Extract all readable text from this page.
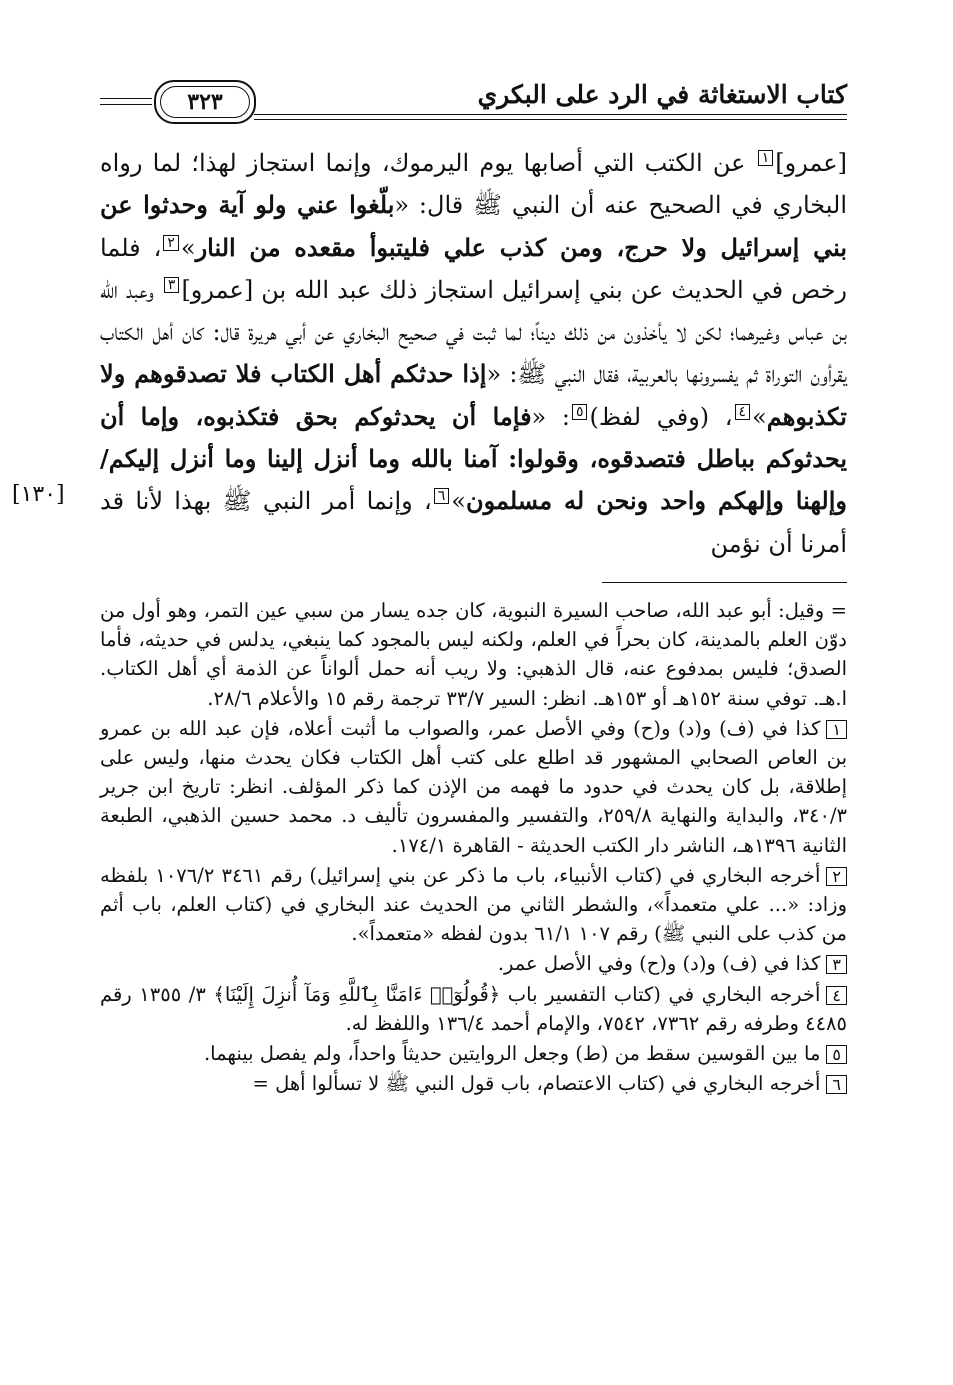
كتاب الاستغاثة في الرد على البكري
٣٢٣

[عمرو]١ عن الكتب التي أصابها يوم اليرموك، وإنما استجاز لهذا؛ لما رواه البخاري في الصحيح عنه أن النبي ﷺ قال: «بلّغوا عني ولو آية وحدثوا عن بني إسرائيل ولا حرج، ومن كذب علي فليتبوأ مقعده من النار»٢، فلما رخص في الحديث عن بني إسرائيل استجاز ذلك عبد الله بن [عمرو]٣ وعبد الله بن عباس وغيرهما؛ لكن لا يأخذون من ذلك ديناً؛ لما ثبت في صحيح البخاري عن أبي هريرة قال: كان أهل الكتاب يقرأون التوراة ثم يفسرونها بالعربية، فقال النبي ﷺ: «إذا حدثكم أهل الكتاب فلا تصدقوهم ولا تكذبوهم»٤، (وفي لفظ)٥: «فإما أن يحدثوكم بحق فتكذبوه، وإما أن يحدثوكم بباطل فتصدقوه، وقولوا: آمنا بالله وما أنزل إلينا وما أنزل إليكم/ وإلهنا وإلهكم واحد ونحن له مسلمون»٦، وإنما أمر النبي ﷺ بهذا لأنا قد أمرنا أن نؤمن

[١٣٠]

= وقيل: أبو عبد الله، صاحب السيرة النبوية، كان جده يسار من سبي عين التمر، وهو أول من دوّن العلم بالمدينة، كان بحراً في العلم، ولكنه ليس بالمجود كما ينبغي، يدلس في حديثه، فأما الصدق؛ فليس بمدفوع عنه، قال الذهبي: ولا ريب أنه حمل ألواناً عن الذمة أي أهل الكتاب. ا.هـ. توفي سنة ١٥٢هـ أو ١٥٣هـ. انظر: السير ٣٣/٧ ترجمة رقم ١٥ والأعلام ٢٨/٦.

١كذا في (ف) و(د) و(ح) وفي الأصل عمر، والصواب ما أثبت أعلاه، فإن عبد الله بن عمرو بن العاص الصحابي المشهور قد اطلع على كتب أهل الكتاب فكان يحدث منها، وليس على إطلاقة، بل كان يحدث في حدود ما فهمه من الإذن كما ذكر المؤلف. انظر: تاريخ ابن جرير ٣٤٠/٣، والبداية والنهاية ٢٥٩/٨، والتفسير والمفسرون تأليف د. محمد حسين الذهبي، الطبعة الثانية ١٣٩٦هـ، الناشر دار الكتب الحديثة - القاهرة ١٧٤/١.

٢أخرجه البخاري في (كتاب الأنبياء، باب ما ذكر عن بني إسرائيل) رقم ٣٤٦١ ١٠٧٦/٢ بلفظه وزاد: «... علي متعمداً»، والشطر الثاني من الحديث عند البخاري في (كتاب العلم، باب أثم من كذب على النبي ﷺ) رقم ١٠٧ ٦١/١ بدون لفظه «متعمداً».

٣كذا في (ف) و(د) و(ح) وفي الأصل عمر.

٤أخرجه البخاري في (كتاب التفسير باب ﴿قُولُوٓا۟ ءَامَنَّا بِٱللَّهِ وَمَآ أُنزِلَ إِلَيْنَا﴾ ٣/ ١٣٥٥ رقم ٤٤٨٥ وطرفه رقم ٧٣٦٢، ٧٥٤٢، والإمام أحمد ١٣٦/٤ واللفظ له.

٥ما بين القوسين سقط من (ط) وجعل الروايتين حديثاً واحداً، ولم يفصل بينهما.

٦أخرجه البخاري في (كتاب الاعتصام، باب قول النبي ﷺ لا تسألوا أهل =
